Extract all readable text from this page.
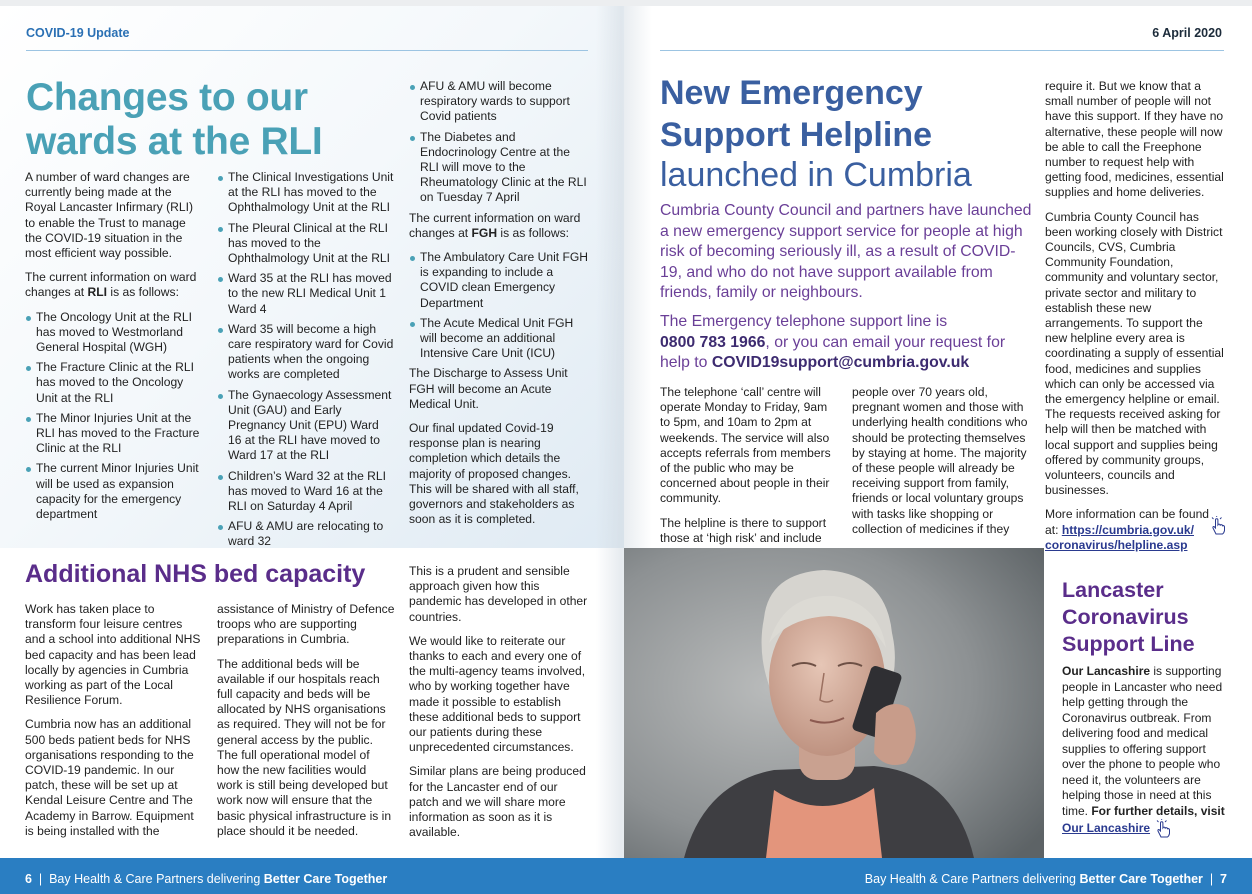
COVID-19 Update	6 April 2020
Changes to our
wards at the RLI

A number of ward changes are currently being made at the Royal Lancaster Infirmary (RLI) to enable the Trust to manage the COVID-19 situation in the most efficient way possible.

The current information on ward changes at RLI is as follows:

The Oncology Unit at the RLI has moved to Westmorland General Hospital (WGH)
The Fracture Clinic at the RLI has moved to the Oncology Unit at the RLI
The Minor Injuries Unit at the RLI has moved to the Fracture Clinic at the RLI
The current Minor Injuries Unit will be used as expansion capacity for the emergency department
The Clinical Investigations Unit at the RLI has moved to the Ophthalmology Unit at the RLI
The Pleural Clinical at the RLI has moved to the Ophthalmology Unit at the RLI
Ward 35 at the RLI has moved to the new RLI Medical Unit 1 Ward 4
Ward 35 will become a high care respiratory ward for Covid patients when the ongoing works are completed
The Gynaecology Assessment Unit (GAU) and Early Pregnancy Unit (EPU) Ward 16 at the RLI have moved to Ward 17 at the RLI
Children’s Ward 32 at the RLI has moved to Ward 16 at the RLI on Saturday 4 April
AFU & AMU are relocating to ward 32
AFU & AMU will become respiratory wards to support Covid patients
The Diabetes and Endocrinology Centre at the RLI will move to the Rheumatology Clinic at the RLI on Tuesday 7 April

The current information on ward changes at FGH is as follows:

The Ambulatory Care Unit FGH is expanding to include a COVID clean Emergency Department
The Acute Medical Unit FGH will become an additional Intensive Care Unit (ICU)

The Discharge to Assess Unit FGH will become an Acute Medical Unit.

Our final updated Covid-19 response plan is nearing completion which details the majority of proposed changes. This will be shared with all staff, governors and stakeholders as soon as it is completed.

Additional NHS bed capacity

Work has taken place to transform four leisure centres and a school into additional NHS bed capacity and has been lead locally by agencies in Cumbria working as part of the Local Resilience Forum.

Cumbria now has an additional 500 beds patient beds for NHS organisations responding to the COVID-19 pandemic. In our patch, these will be set up at Kendal Leisure Centre and The Academy in Barrow. Equipment is being installed with the

assistance of Ministry of Defence troops who are supporting preparations in Cumbria.

The additional beds will be available if our hospitals reach full capacity and beds will be allocated by NHS organisations as required. They will not be for general access by the public. The full operational model of how the new facilities would work is still being developed but work now will ensure that the basic physical infrastructure is in place should it be needed.

This is a prudent and sensible approach given how this pandemic has developed in other countries.

We would like to reiterate our thanks to each and every one of the multi-agency teams involved, who by working together have made it possible to establish these additional beds to support our patients during these unprecedented circumstances.

Similar plans are being produced for the Lancaster end of our patch and we will share more information as soon as it is available.

New Emergency
Support Helpline
launched in Cumbria

Cumbria County Council and partners have launched a new emergency support service for people at high risk of becoming seriously ill, as a result of COVID-19, and who do not have support available from friends, family or neighbours.

The Emergency telephone support line is
0800 783 1966, or you can email your request for help to COVID19support@cumbria.gov.uk

The telephone ‘call’ centre will operate Monday to Friday, 9am to 5pm, and 10am to 2pm at weekends. The service will also accepts referrals from members of the public who may be concerned about people in their community.

The helpline is there to support those at ‘high risk’ and include

people over 70 years old, pregnant women and those with underlying health conditions who should be protecting themselves by staying at home. The majority of these people will already be receiving support from family, friends or local voluntary groups with tasks like shopping or collection of medicines if they

require it. But we know that a small number of people will not have this support. If they have no alternative, these people will now be able to call the Freephone number to request help with getting food, medicines, essential supplies and home deliveries.

Cumbria County Council has been working closely with District Councils, CVS, Cumbria Community Foundation, community and voluntary sector, private sector and military to establish these new arrangements. To support the new helpline every area is coordinating a supply of essential food, medicines and supplies which can only be accessed via the emergency helpline or email. The requests received asking for help will then be matched with local support and supplies being offered by community groups, volunteers, councils and businesses.

More information can be found at: https://cumbria.gov.uk/
coronavirus/helpline.asp

Lancaster
Coronavirus
Support Line

Our Lancashire is supporting people in Lancaster who need help getting through the Coronavirus outbreak. From delivering food and medical supplies to offering support over the phone to people who need it, the volunteers are helping those in need at this time. For further details, visit Our Lancashire

6  |  Bay Health & Care Partners delivering Better Care Together	Bay Health & Care Partners delivering Better Care Together  |  7
